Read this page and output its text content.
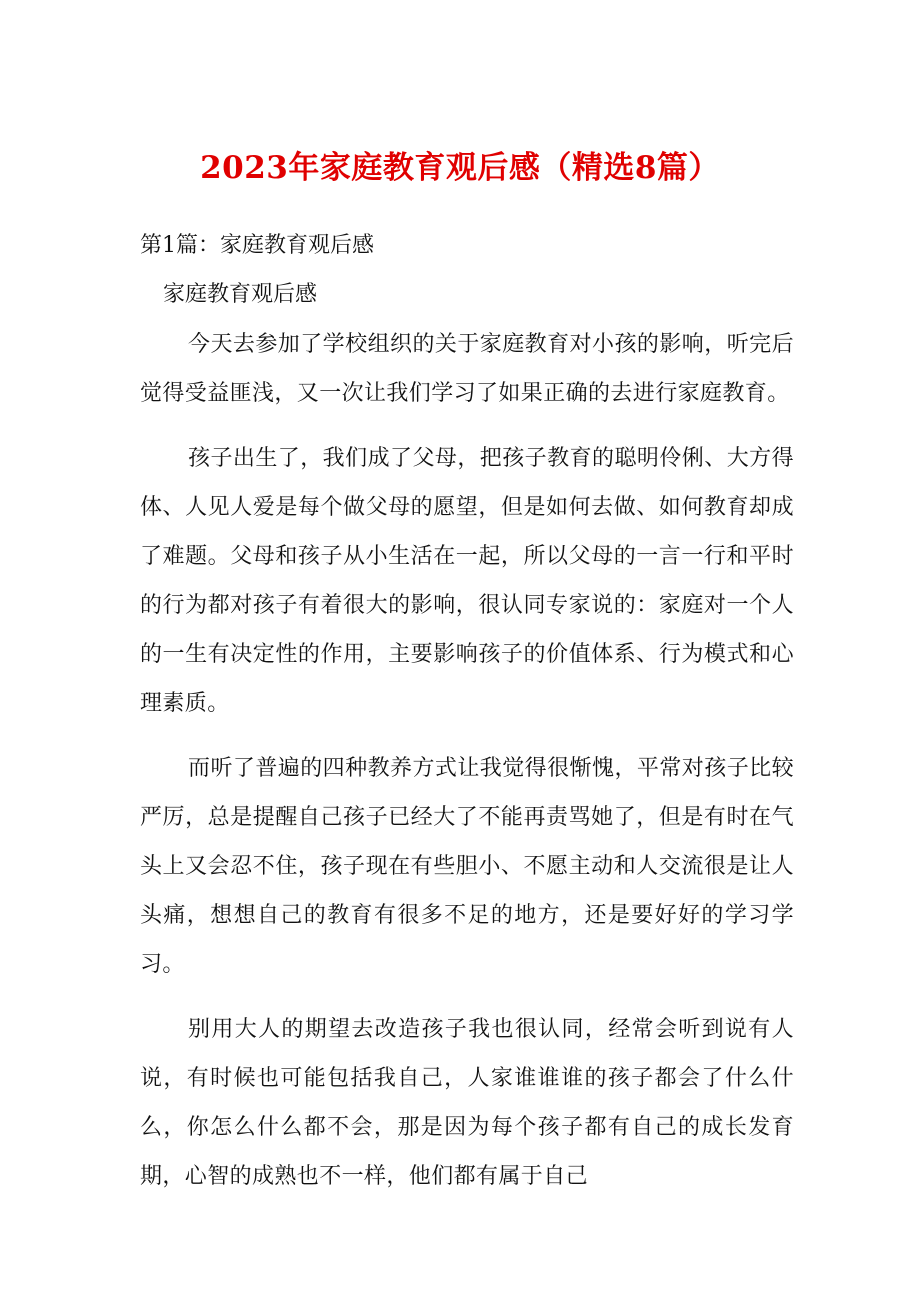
2023年家庭教育观后感（精选8篇）
第1篇：家庭教育观后感
家庭教育观后感

今天去参加了学校组织的关于家庭教育对小孩的影响，听完后觉得受益匪浅，又一次让我们学习了如果正确的去进行家庭教育。

孩子出生了，我们成了父母，把孩子教育的聪明伶俐、大方得体、人见人爱是每个做父母的愿望，但是如何去做、如何教育却成了难题。父母和孩子从小生活在一起，所以父母的一言一行和平时的行为都对孩子有着很大的影响，很认同专家说的：家庭对一个人的一生有决定性的作用，主要影响孩子的价值体系、行为模式和心理素质。

而听了普遍的四种教养方式让我觉得很惭愧，平常对孩子比较严厉，总是提醒自己孩子已经大了不能再责骂她了，但是有时在气头上又会忍不住，孩子现在有些胆小、不愿主动和人交流很是让人头痛，想想自己的教育有很多不足的地方，还是要好好的学习学习。

别用大人的期望去改造孩子我也很认同，经常会听到说有人说，有时候也可能包括我自己，人家谁谁谁的孩子都会了什么什么，你怎么什么都不会，那是因为每个孩子都有自己的成长发育期，心智的成熟也不一样，他们都有属于自己
